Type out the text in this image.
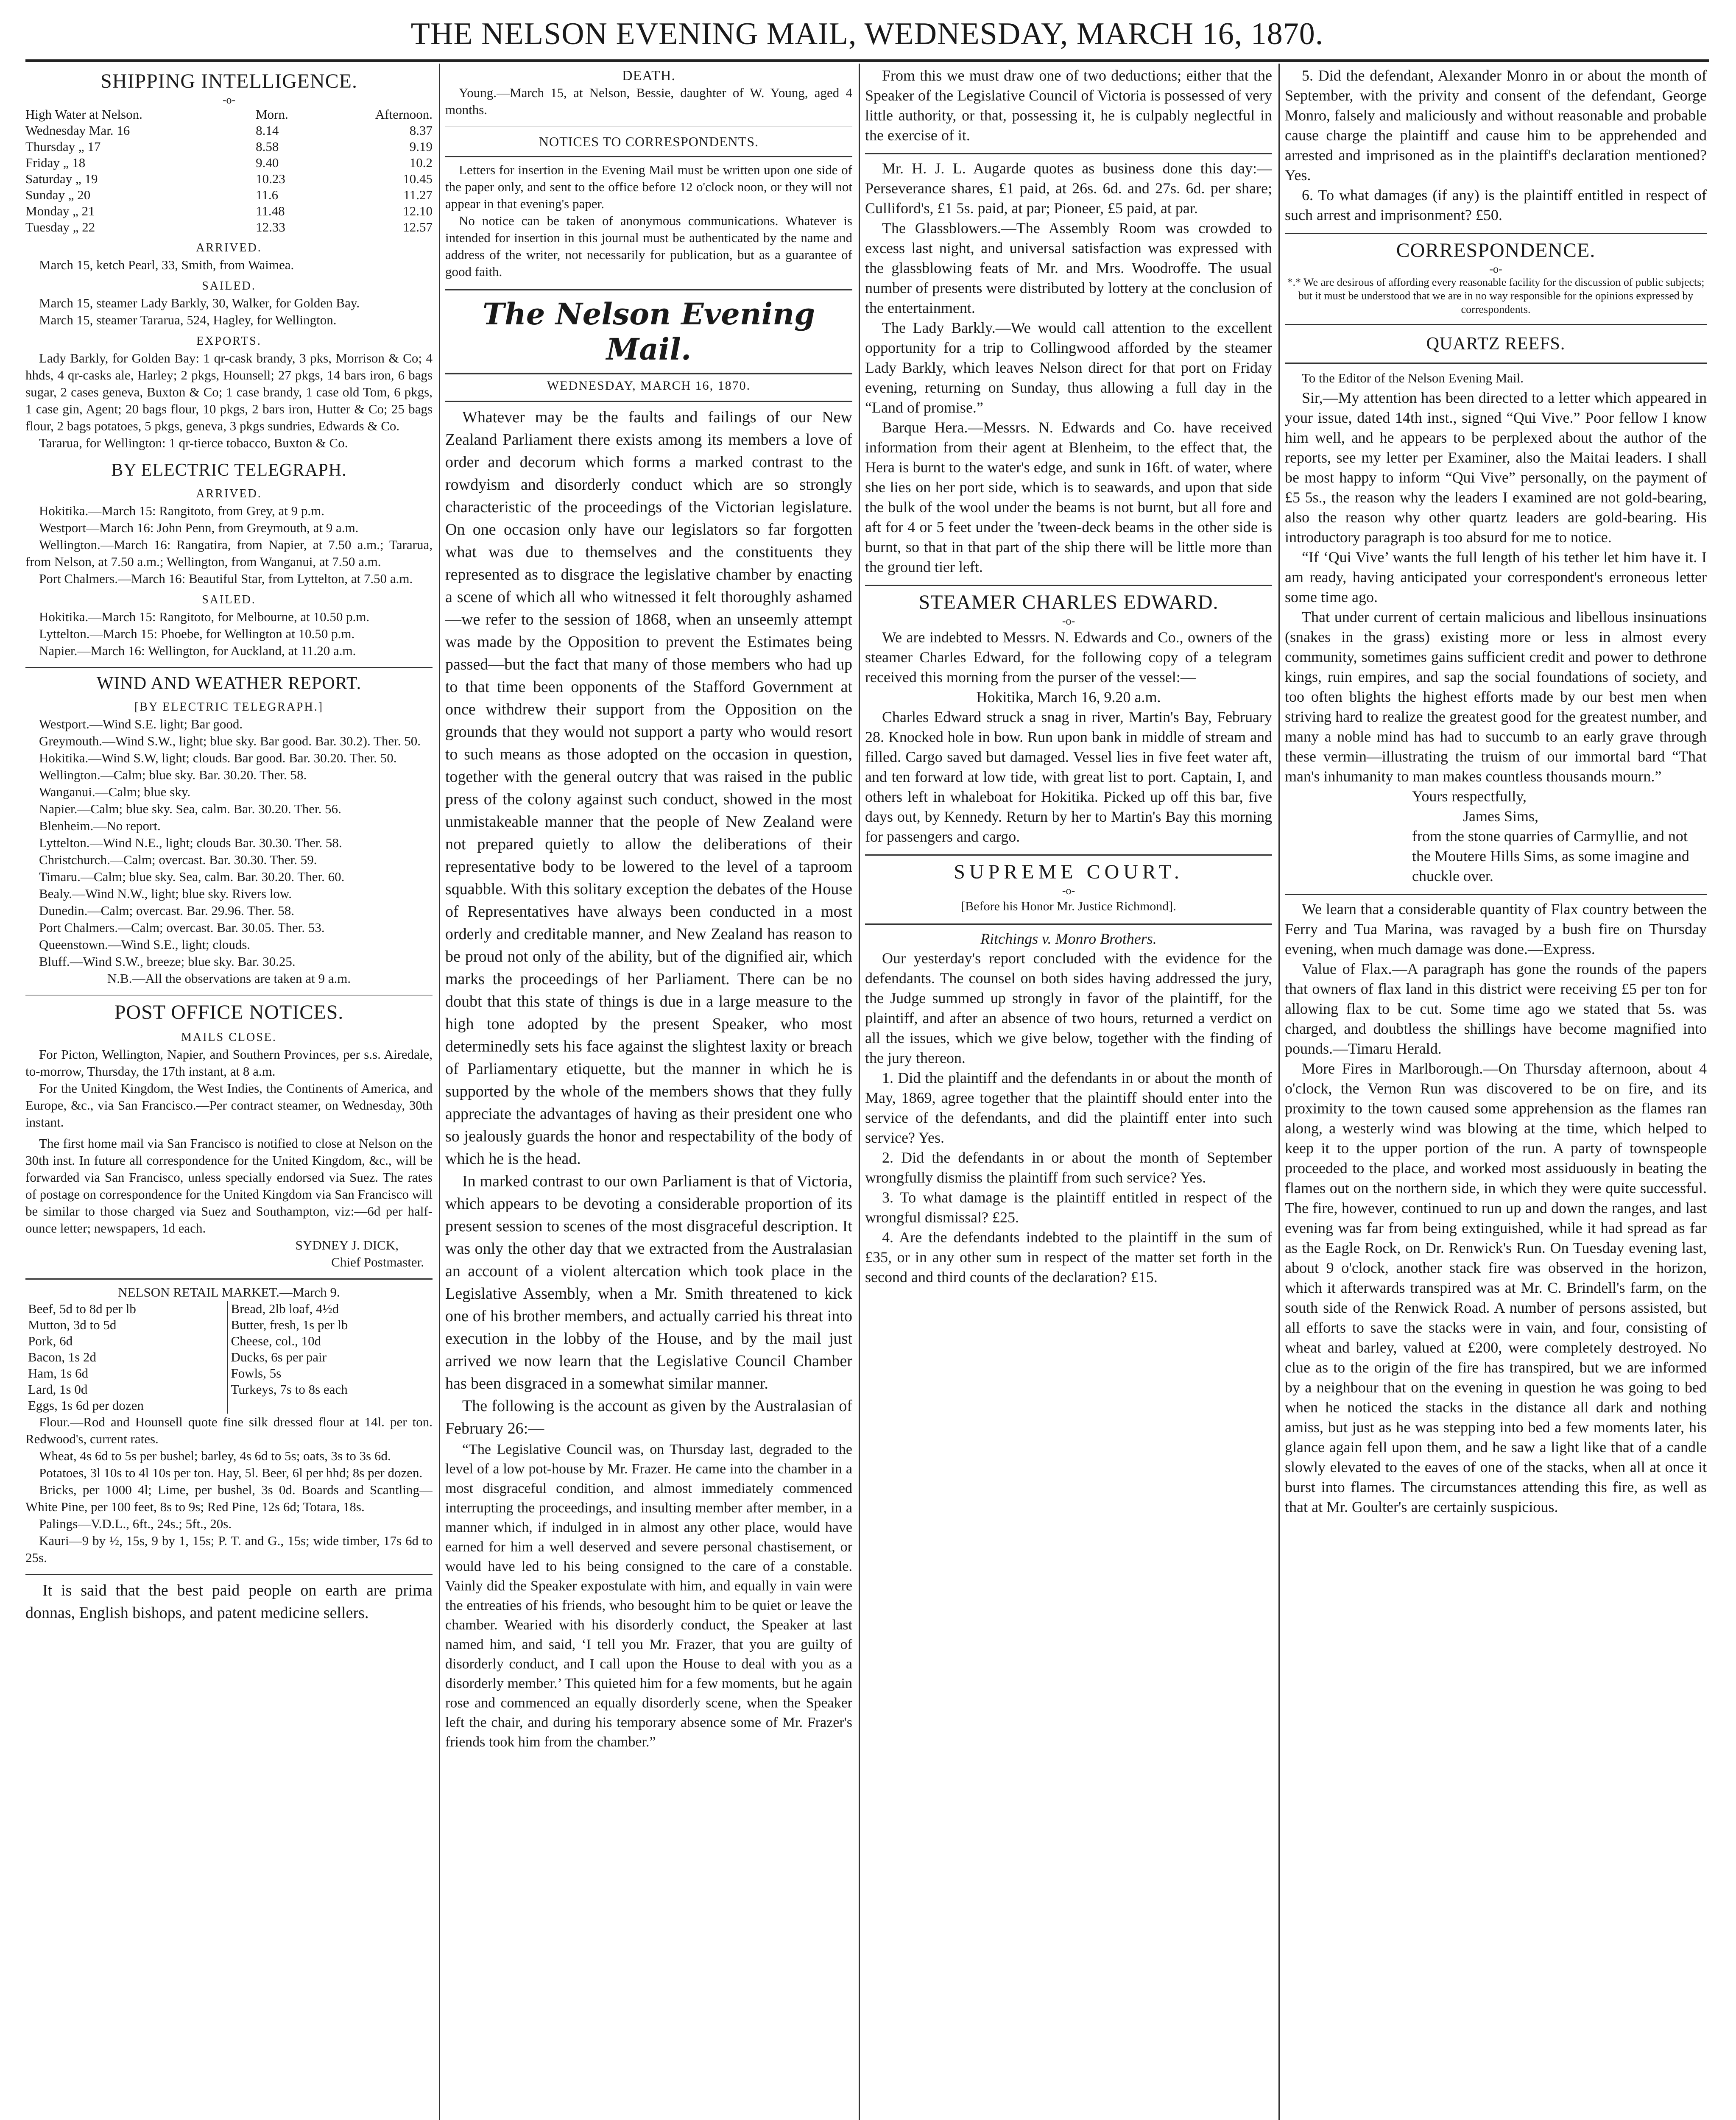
THE NELSON EVENING MAIL, WEDNESDAY, MARCH 16, 1870.
SHIPPING INTELLIGENCE.
-o-
High Water at Nelson.	Morn.	Afternoon.
Wednesday Mar. 16	8.14	8.37
Thursday „ 17	8.58	9.19
Friday „ 18	9.40	10.2
Saturday „ 19	10.23	10.45
Sunday „ 20	11.6	11.27
Monday „ 21	11.48	12.10
Tuesday „ 22	12.33	12.57
ARRIVED.

March 15, ketch Pearl, 33, Smith, from Waimea.

SAILED.

March 15, steamer Lady Barkly, 30, Walker, for Golden Bay.

March 15, steamer Tararua, 524, Hagley, for Wellington.

EXPORTS.

Lady Barkly, for Golden Bay: 1 qr-cask brandy, 3 pks, Morrison & Co; 4 hhds, 4 qr-casks ale, Harley; 2 pkgs, Hounsell; 27 pkgs, 14 bars iron, 6 bags sugar, 2 cases geneva, Buxton & Co; 1 case brandy, 1 case old Tom, 6 pkgs, 1 case gin, Agent; 20 bags flour, 10 pkgs, 2 bars iron, Hutter & Co; 25 bags flour, 2 bags potatoes, 5 pkgs, geneva, 3 pkgs sundries, Edwards & Co.

Tararua, for Wellington: 1 qr-tierce tobacco, Buxton & Co.

BY ELECTRIC TELEGRAPH.
ARRIVED.

Hokitika.—March 15: Rangitoto, from Grey, at 9 p.m.

Westport—March 16: John Penn, from Greymouth, at 9 a.m.

Wellington.—March 16: Rangatira, from Napier, at 7.50 a.m.; Tararua, from Nelson, at 7.50 a.m.; Wellington, from Wanganui, at 7.50 a.m.

Port Chalmers.—March 16: Beautiful Star, from Lyttelton, at 7.50 a.m.

SAILED.

Hokitika.—March 15: Rangitoto, for Melbourne, at 10.50 p.m.

Lyttelton.—March 15: Phoebe, for Wellington at 10.50 p.m.

Napier.—March 16: Wellington, for Auckland, at 11.20 a.m.

WIND AND WEATHER REPORT.
[BY ELECTRIC TELEGRAPH.]

Westport.—Wind S.E. light; Bar good.

Greymouth.—Wind S.W., light; blue sky. Bar good. Bar. 30.2). Ther. 50.

Hokitika.—Wind S.W, light; clouds. Bar good. Bar. 30.20. Ther. 50.

Wellington.—Calm; blue sky. Bar. 30.20. Ther. 58.

Wanganui.—Calm; blue sky.

Napier.—Calm; blue sky. Sea, calm. Bar. 30.20. Ther. 56.

Blenheim.—No report.

Lyttelton.—Wind N.E., light; clouds Bar. 30.30. Ther. 58.

Christchurch.—Calm; overcast. Bar. 30.30. Ther. 59.

Timaru.—Calm; blue sky. Sea, calm. Bar. 30.20. Ther. 60.

Bealy.—Wind N.W., light; blue sky. Rivers low.

Dunedin.—Calm; overcast. Bar. 29.96. Ther. 58.

Port Chalmers.—Calm; overcast. Bar. 30.05. Ther. 53.

Queenstown.—Wind S.E., light; clouds.

Bluff.—Wind S.W., breeze; blue sky. Bar. 30.25.

N.B.—All the observations are taken at 9 a.m.

POST OFFICE NOTICES.
MAILS CLOSE.

For Picton, Wellington, Napier, and Southern Provinces, per s.s. Airedale, to-morrow, Thursday, the 17th instant, at 8 a.m.

For the United Kingdom, the West Indies, the Continents of America, and Europe, &c., via San Francisco.—Per contract steamer, on Wednesday, 30th instant.

The first home mail via San Francisco is notified to close at Nelson on the 30th inst. In future all correspondence for the United Kingdom, &c., will be forwarded via San Francisco, unless specially endorsed via Suez. The rates of postage on correspondence for the United Kingdom via San Francisco will be similar to those charged via Suez and Southampton, viz:—6d per half-ounce letter; newspapers, 1d each.

SYDNEY J. DICK,
Chief Postmaster.
NELSON RETAIL MARKET.—March 9.
Beef, 5d to 8d per lb	Bread, 2lb loaf, 4½d
Mutton, 3d to 5d	Butter, fresh, 1s per lb
Pork, 6d	Cheese, col., 10d
Bacon, 1s 2d	Ducks, 6s per pair
Ham, 1s 6d	Fowls, 5s
Lard, 1s 0d	Turkeys, 7s to 8s each
Eggs, 1s 6d per dozen	

Flour.—Rod and Hounsell quote fine silk dressed flour at 14l. per ton. Redwood's, current rates.

Wheat, 4s 6d to 5s per bushel; barley, 4s 6d to 5s; oats, 3s to 3s 6d.

Potatoes, 3l 10s to 4l 10s per ton. Hay, 5l. Beer, 6l per hhd; 8s per dozen.

Bricks, per 1000 4l; Lime, per bushel, 3s 0d. Boards and Scantling—White Pine, per 100 feet, 8s to 9s; Red Pine, 12s 6d; Totara, 18s.

Palings—V.D.L., 6ft., 24s.; 5ft., 20s.

Kauri—9 by ½, 15s, 9 by 1, 15s; P. T. and G., 15s; wide timber, 17s 6d to 25s.

It is said that the best paid people on earth are prima donnas, English bishops, and patent medicine sellers.

DEATH.

Young.—March 15, at Nelson, Bessie, daughter of W. Young, aged 4 months.

NOTICES TO CORRESPONDENTS.

Letters for insertion in the Evening Mail must be written upon one side of the paper only, and sent to the office before 12 o'clock noon, or they will not appear in that evening's paper.

No notice can be taken of anonymous communications. Whatever is intended for insertion in this journal must be authenticated by the name and address of the writer, not necessarily for publication, but as a guarantee of good faith.

The Nelson Evening Mail.
WEDNESDAY, MARCH 16, 1870.

Whatever may be the faults and failings of our New Zealand Parliament there exists among its members a love of order and decorum which forms a marked contrast to the rowdyism and disorderly conduct which are so strongly characteristic of the proceedings of the Victorian legislature. On one occasion only have our legislators so far forgotten what was due to themselves and the constituents they represented as to disgrace the legislative chamber by enacting a scene of which all who witnessed it felt thoroughly ashamed—we refer to the session of 1868, when an unseemly attempt was made by the Opposition to prevent the Estimates being passed—but the fact that many of those members who had up to that time been opponents of the Stafford Government at once withdrew their support from the Opposition on the grounds that they would not support a party who would resort to such means as those adopted on the occasion in question, together with the general outcry that was raised in the public press of the colony against such conduct, showed in the most unmistakeable manner that the people of New Zealand were not prepared quietly to allow the deliberations of their representative body to be lowered to the level of a taproom squabble. With this solitary exception the debates of the House of Representatives have always been conducted in a most orderly and creditable manner, and New Zealand has reason to be proud not only of the ability, but of the dignified air, which marks the proceedings of her Parliament. There can be no doubt that this state of things is due in a large measure to the high tone adopted by the present Speaker, who most determinedly sets his face against the slightest laxity or breach of Parliamentary etiquette, but the manner in which he is supported by the whole of the members shows that they fully appreciate the advantages of having as their president one who so jealously guards the honor and respectability of the body of which he is the head.

In marked contrast to our own Parliament is that of Victoria, which appears to be devoting a considerable proportion of its present session to scenes of the most disgraceful description. It was only the other day that we extracted from the Australasian an account of a violent altercation which took place in the Legislative Assembly, when a Mr. Smith threatened to kick one of his brother members, and actually carried his threat into execution in the lobby of the House, and by the mail just arrived we now learn that the Legislative Council Chamber has been disgraced in a somewhat similar manner.

The following is the account as given by the Australasian of February 26:—

“The Legislative Council was, on Thursday last, degraded to the level of a low pot-house by Mr. Frazer. He came into the chamber in a most disgraceful condition, and almost immediately commenced interrupting the proceedings, and insulting member after member, in a manner which, if indulged in in almost any other place, would have earned for him a well deserved and severe personal chastisement, or would have led to his being consigned to the care of a constable. Vainly did the Speaker expostulate with him, and equally in vain were the entreaties of his friends, who besought him to be quiet or leave the chamber. Wearied with his disorderly conduct, the Speaker at last named him, and said, ‘I tell you Mr. Frazer, that you are guilty of disorderly conduct, and I call upon the House to deal with you as a disorderly member.’ This quieted him for a few moments, but he again rose and commenced an equally disorderly scene, when the Speaker left the chair, and during his temporary absence some of Mr. Frazer's friends took him from the chamber.”

From this we must draw one of two deductions; either that the Speaker of the Legislative Council of Victoria is possessed of very little authority, or that, possessing it, he is culpably neglectful in the exercise of it.

Mr. H. J. L. Augarde quotes as business done this day:—Perseverance shares, £1 paid, at 26s. 6d. and 27s. 6d. per share; Culliford's, £1 5s. paid, at par; Pioneer, £5 paid, at par.

The Glassblowers.—The Assembly Room was crowded to excess last night, and universal satisfaction was expressed with the glassblowing feats of Mr. and Mrs. Woodroffe. The usual number of presents were distributed by lottery at the conclusion of the entertainment.

The Lady Barkly.—We would call attention to the excellent opportunity for a trip to Collingwood afforded by the steamer Lady Barkly, which leaves Nelson direct for that port on Friday evening, returning on Sunday, thus allowing a full day in the “Land of promise.”

Barque Hera.—Messrs. N. Edwards and Co. have received information from their agent at Blenheim, to the effect that, the Hera is burnt to the water's edge, and sunk in 16ft. of water, where she lies on her port side, which is to seawards, and upon that side the bulk of the wool under the beams is not burnt, but all fore and aft for 4 or 5 feet under the 'tween-deck beams in the other side is burnt, so that in that part of the ship there will be little more than the ground tier left.

STEAMER CHARLES EDWARD.
-o-

We are indebted to Messrs. N. Edwards and Co., owners of the steamer Charles Edward, for the following copy of a telegram received this morning from the purser of the vessel:—

Hokitika, March 16, 9.20 a.m.

Charles Edward struck a snag in river, Martin's Bay, February 28. Knocked hole in bow. Run upon bank in middle of stream and filled. Cargo saved but damaged. Vessel lies in five feet water aft, and ten forward at low tide, with great list to port. Captain, I, and others left in whaleboat for Hokitika. Picked up off this bar, five days out, by Kennedy. Return by her to Martin's Bay this morning for passengers and cargo.

SUPREME COURT.
-o-
[Before his Honor Mr. Justice Richmond].
Ritchings v. Monro Brothers.

Our yesterday's report concluded with the evidence for the defendants. The counsel on both sides having addressed the jury, the Judge summed up strongly in favor of the plaintiff, for the plaintiff, and after an absence of two hours, returned a verdict on all the issues, which we give below, together with the finding of the jury thereon.

1. Did the plaintiff and the defendants in or about the month of May, 1869, agree together that the plaintiff should enter into the service of the defendants, and did the plaintiff enter into such service? Yes.

2. Did the defendants in or about the month of September wrongfully dismiss the plaintiff from such service? Yes.

3. To what damage is the plaintiff entitled in respect of the wrongful dismissal? £25.

4. Are the defendants indebted to the plaintiff in the sum of £35, or in any other sum in respect of the matter set forth in the second and third counts of the declaration? £15.

5. Did the defendant, Alexander Monro in or about the month of September, with the privity and consent of the defendant, George Monro, falsely and maliciously and without reasonable and probable cause charge the plaintiff and cause him to be apprehended and arrested and imprisoned as in the plaintiff's declaration mentioned? Yes.

6. To what damages (if any) is the plaintiff entitled in respect of such arrest and imprisonment? £50.

CORRESPONDENCE.
-o-
*.* We are desirous of affording every reasonable facility for the discussion of public subjects; but it must be understood that we are in no way responsible for the opinions expressed by correspondents.
QUARTZ REEFS.

To the Editor of the Nelson Evening Mail.

Sir,—My attention has been directed to a letter which appeared in your issue, dated 14th inst., signed “Qui Vive.” Poor fellow I know him well, and he appears to be perplexed about the author of the reports, see my letter per Examiner, also the Maitai leaders. I shall be most happy to inform “Qui Vive” personally, on the payment of £5 5s., the reason why the leaders I examined are not gold-bearing, also the reason why other quartz leaders are gold-bearing. His introductory paragraph is too absurd for me to notice.

“If ‘Qui Vive’ wants the full length of his tether let him have it. I am ready, having anticipated your correspondent's erroneous letter some time ago.

That under current of certain malicious and libellous insinuations (snakes in the grass) existing more or less in almost every community, sometimes gains sufficient credit and power to dethrone kings, ruin empires, and sap the social foundations of society, and too often blights the highest efforts made by our best men when striving hard to realize the greatest good for the greatest number, and many a noble mind has had to succumb to an early grave through these vermin—illustrating the truism of our immortal bard “That man's inhumanity to man makes countless thousands mourn.”

Yours respectfully,

James Sims,

from the stone quarries of Carmyllie, and not the Moutere Hills Sims, as some imagine and chuckle over.

We learn that a considerable quantity of Flax country between the Ferry and Tua Marina, was ravaged by a bush fire on Thursday evening, when much damage was done.—Express.

Value of Flax.—A paragraph has gone the rounds of the papers that owners of flax land in this district were receiving £5 per ton for allowing flax to be cut. Some time ago we stated that 5s. was charged, and doubtless the shillings have become magnified into pounds.—Timaru Herald.

More Fires in Marlborough.—On Thursday afternoon, about 4 o'clock, the Vernon Run was discovered to be on fire, and its proximity to the town caused some apprehension as the flames ran along, a westerly wind was blowing at the time, which helped to keep it to the upper portion of the run. A party of townspeople proceeded to the place, and worked most assiduously in beating the flames out on the northern side, in which they were quite successful. The fire, however, continued to run up and down the ranges, and last evening was far from being extinguished, while it had spread as far as the Eagle Rock, on Dr. Renwick's Run. On Tuesday evening last, about 9 o'clock, another stack fire was observed in the horizon, which it afterwards transpired was at Mr. C. Brindell's farm, on the south side of the Renwick Road. A number of persons assisted, but all efforts to save the stacks were in vain, and four, consisting of wheat and barley, valued at £200, were completely destroyed. No clue as to the origin of the fire has transpired, but we are informed by a neighbour that on the evening in question he was going to bed when he noticed the stacks in the distance all dark and nothing amiss, but just as he was stepping into bed a few moments later, his glance again fell upon them, and he saw a light like that of a candle slowly elevated to the eaves of one of the stacks, when all at once it burst into flames. The circumstances attending this fire, as well as that at Mr. Goulter's are certainly suspicious.
